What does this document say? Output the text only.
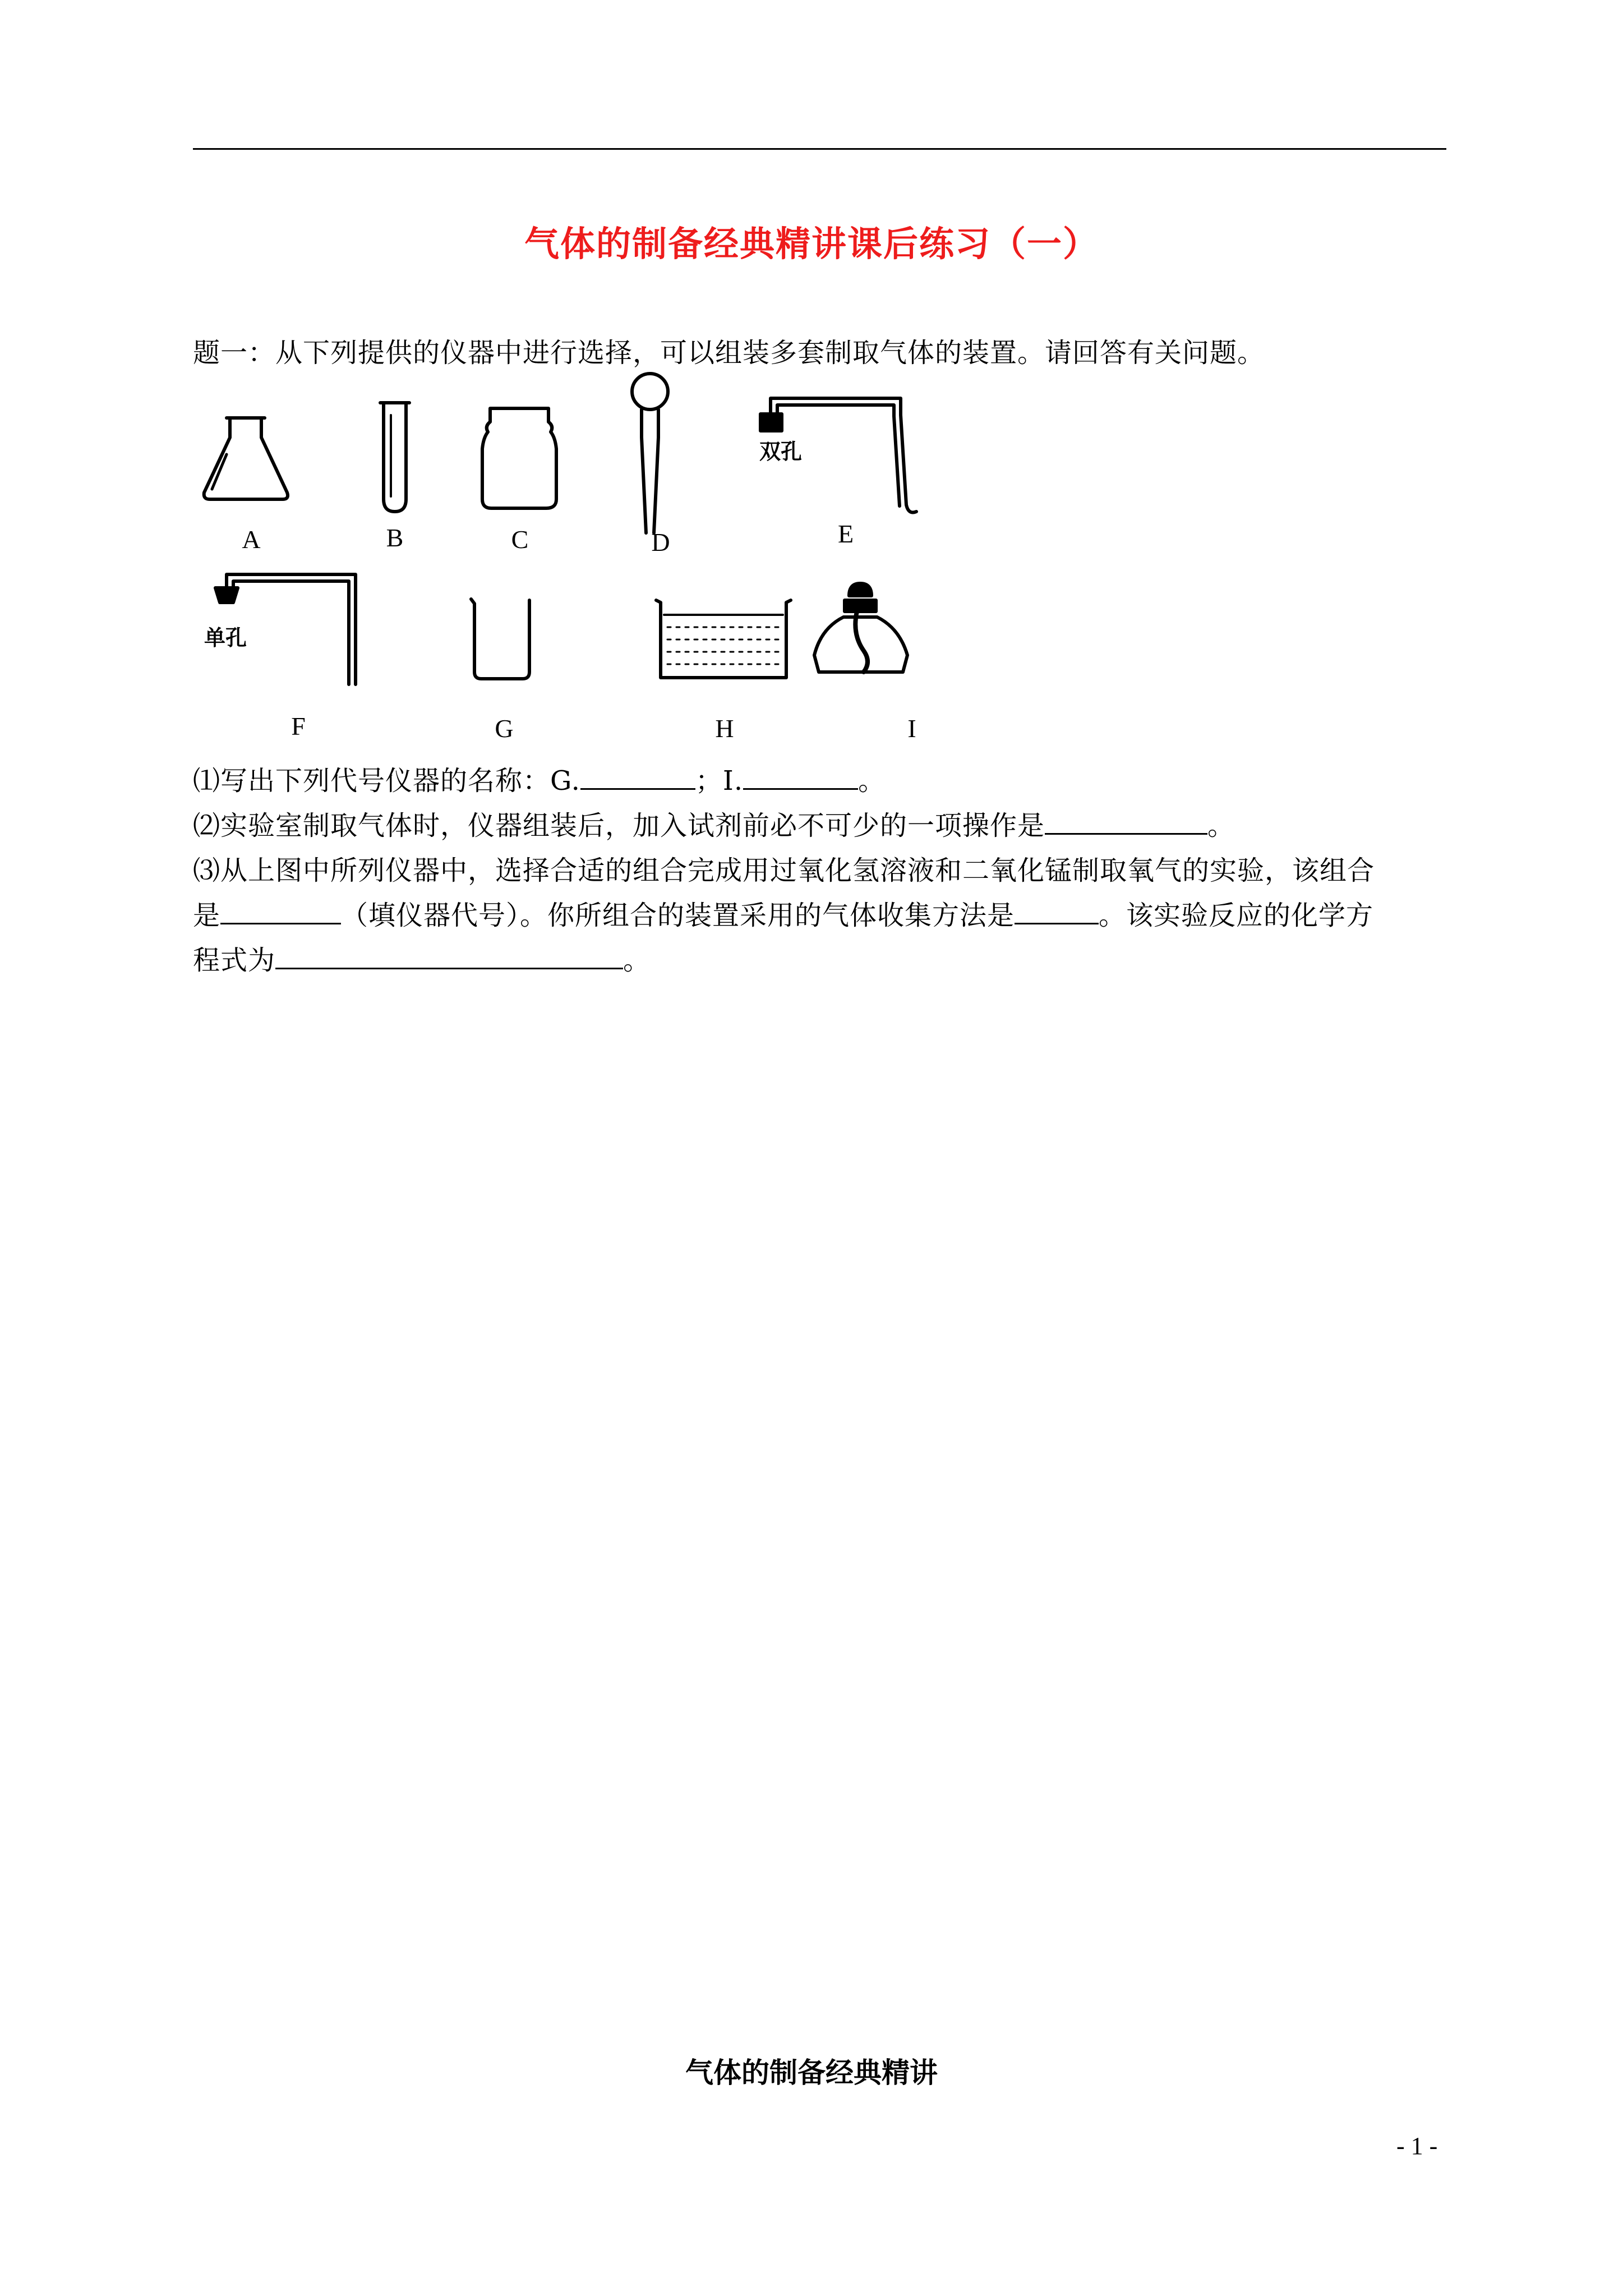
气体的制备经典精讲课后练习（一）
题一：从下列提供的仪器中进行选择，可以组装多套制取气体的装置。请回答有关问题。
A	B	C	D	E
F	G	H	I
双孔
单孔
⑴写出下列代号仪器的名称：G.	；I.	。
⑵实验室制取气体时，仪器组装后，加入试剂前必不可少的一项操作是	。
⑶从上图中所列仪器中，选择合适的组合完成用过氧化氢溶液和二氧化锰制取氧气的实验，该组合
是	（填仪器代号）。你所组合的装置采用的气体收集方法是	。该实验反应的化学方
程式为	。
气体的制备经典精讲
- 1 -
